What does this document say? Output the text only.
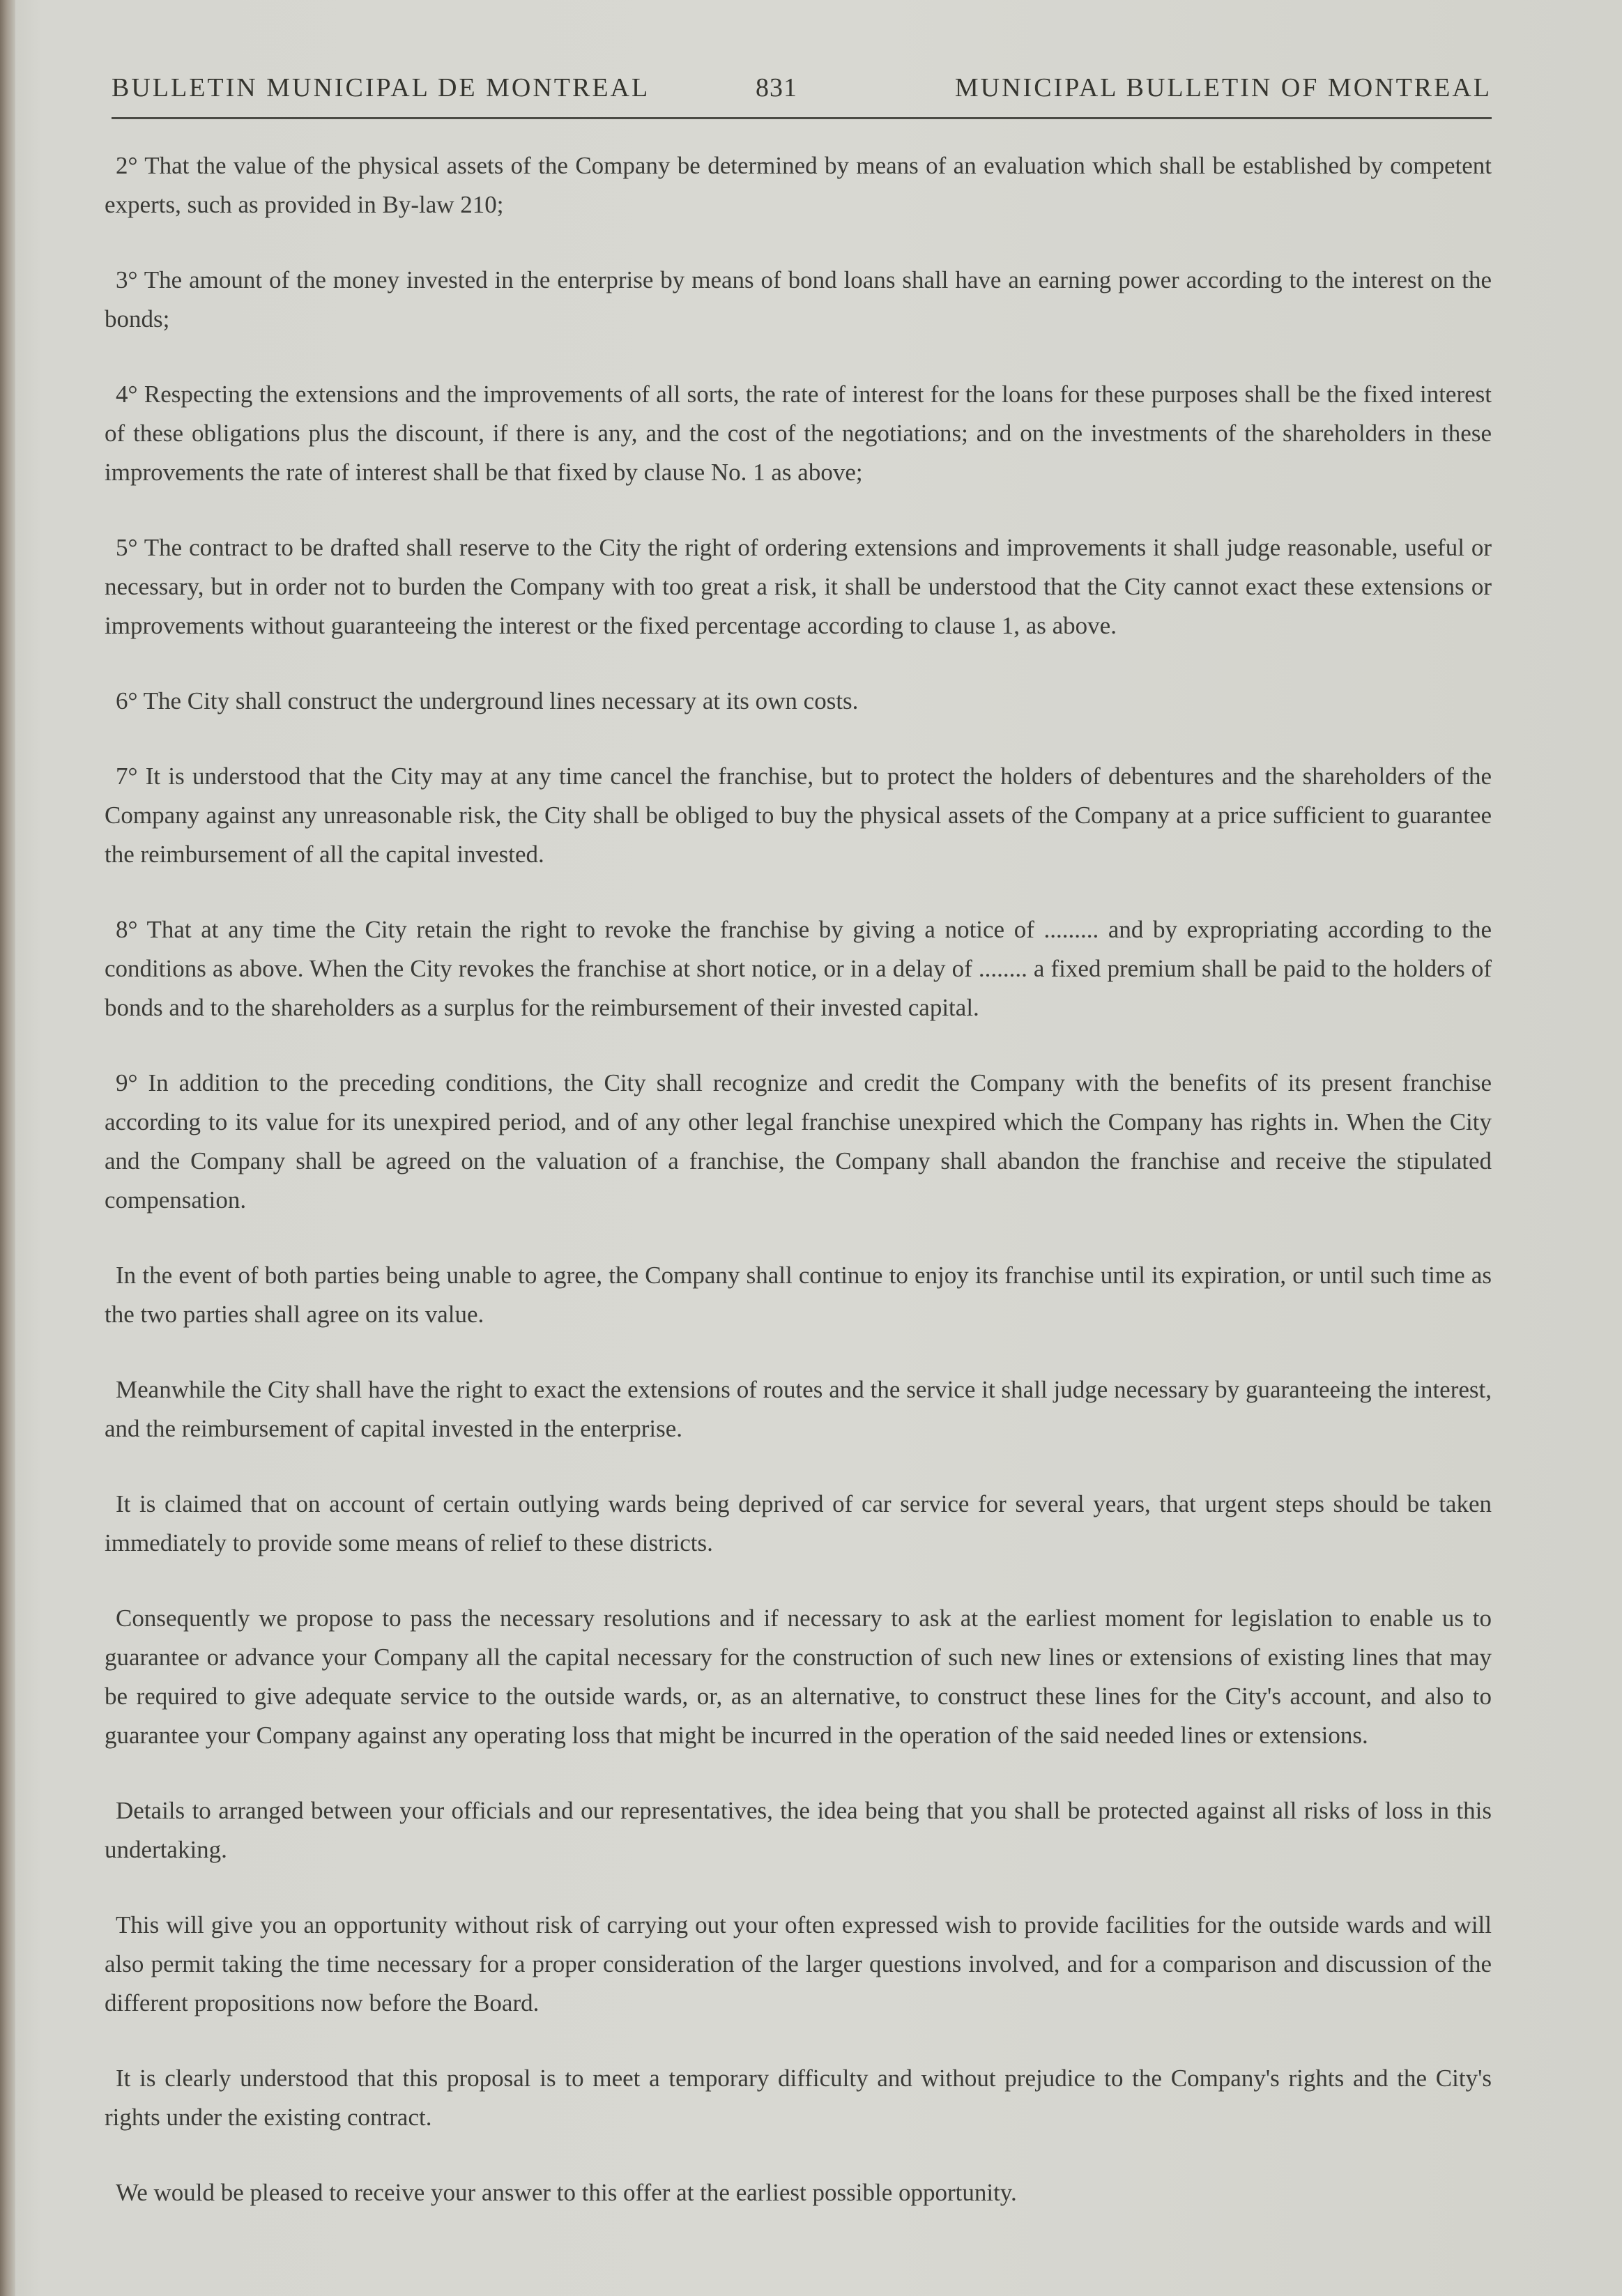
BULLETIN MUNICIPAL DE MONTREAL	831	MUNICIPAL BULLETIN OF MONTREAL

2° That the value of the physical assets of the Company be determined by means of an evaluation which shall be established by competent experts, such as provided in By-law 210;

3° The amount of the money invested in the enterprise by means of bond loans shall have an earning power according to the interest on the bonds;

4° Respecting the extensions and the improvements of all sorts, the rate of interest for the loans for these purposes shall be the fixed interest of these obligations plus the discount, if there is any, and the cost of the negotiations; and on the investments of the shareholders in these improvements the rate of interest shall be that fixed by clause No. 1 as above;

5° The contract to be drafted shall reserve to the City the right of ordering extensions and improvements it shall judge reasonable, useful or necessary, but in order not to burden the Company with too great a risk, it shall be understood that the City cannot exact these extensions or improvements without guaranteeing the interest or the fixed percentage according to clause 1, as above.

6° The City shall construct the underground lines necessary at its own costs.

7° It is understood that the City may at any time cancel the franchise, but to protect the holders of debentures and the shareholders of the Company against any unreasonable risk, the City shall be obliged to buy the physical assets of the Company at a price sufficient to guarantee the reimbursement of all the capital invested.

8° That at any time the City retain the right to revoke the franchise by giving a notice of ......... and by expropriating according to the conditions as above. When the City revokes the franchise at short notice, or in a delay of ........ a fixed premium shall be paid to the holders of bonds and to the shareholders as a surplus for the reimbursement of their invested capital.

9° In addition to the preceding conditions, the City shall recognize and credit the Company with the benefits of its present franchise according to its value for its unexpired period, and of any other legal franchise unexpired which the Company has rights in. When the City and the Company shall be agreed on the valuation of a franchise, the Company shall abandon the franchise and receive the stipulated compensation.

In the event of both parties being unable to agree, the Company shall continue to enjoy its franchise until its expiration, or until such time as the two parties shall agree on its value.

Meanwhile the City shall have the right to exact the extensions of routes and the service it shall judge necessary by guaranteeing the interest, and the reimbursement of capital invested in the enterprise.

It is claimed that on account of certain outlying wards being deprived of car service for several years, that urgent steps should be taken immediately to provide some means of relief to these districts.

Consequently we propose to pass the necessary resolutions and if necessary to ask at the earliest moment for legislation to enable us to guarantee or advance your Company all the capital necessary for the construction of such new lines or extensions of existing lines that may be required to give adequate service to the outside wards, or, as an alternative, to construct these lines for the City's account, and also to guarantee your Company against any operating loss that might be incurred in the operation of the said needed lines or extensions.

Details to arranged between your officials and our representatives, the idea being that you shall be protected against all risks of loss in this undertaking.

This will give you an opportunity without risk of carrying out your often expressed wish to provide facilities for the outside wards and will also permit taking the time necessary for a proper consideration of the larger questions involved, and for a comparison and discussion of the different propositions now before the Board.

It is clearly understood that this proposal is to meet a temporary difficulty and without prejudice to the Company's rights and the City's rights under the existing contract.

We would be pleased to receive your answer to this offer at the earliest possible opportunity.
